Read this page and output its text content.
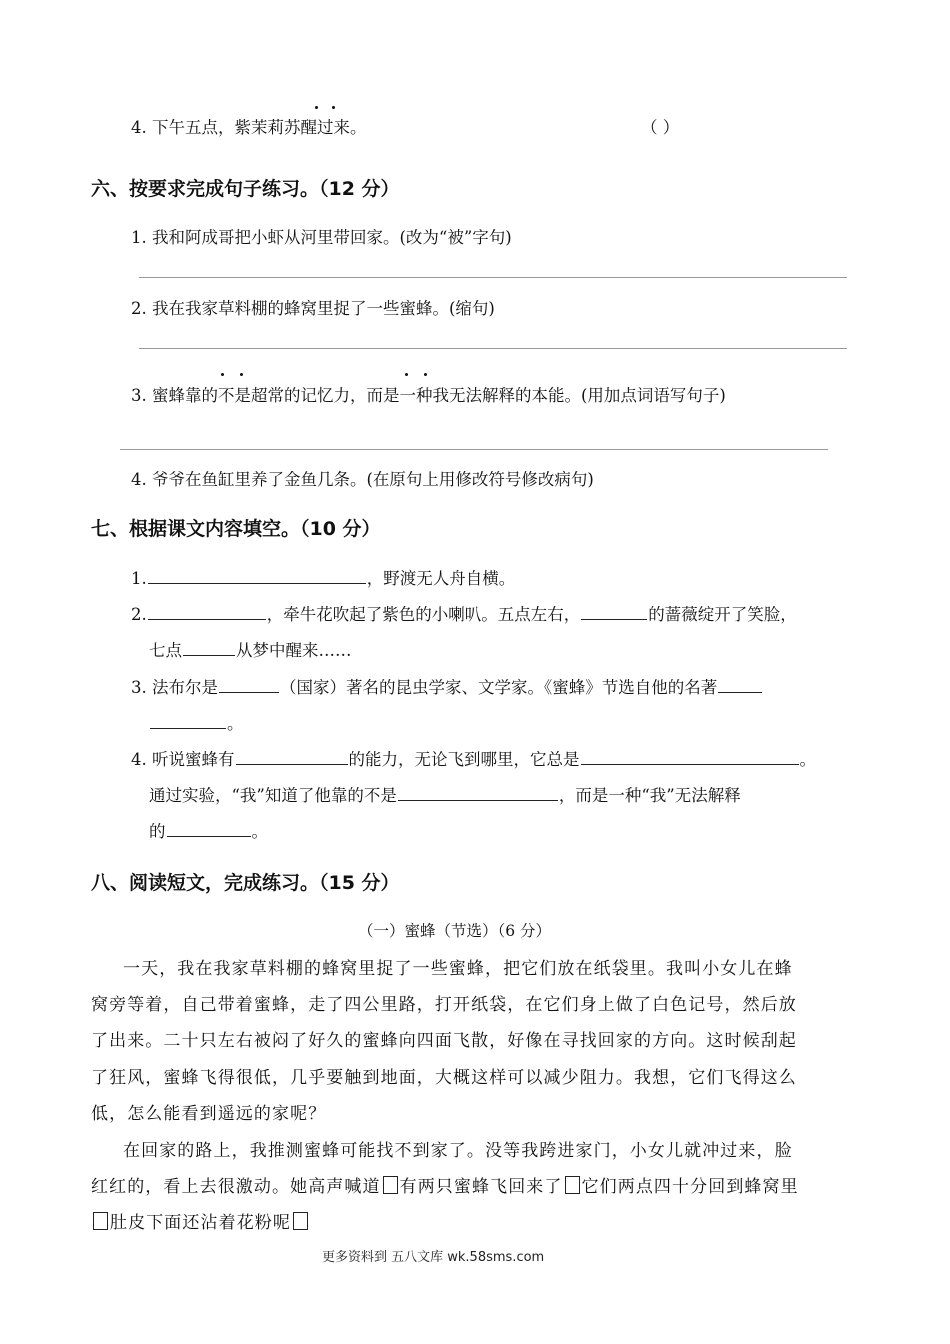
4. 下午五点，紫茉莉苏醒过来。	（ ）
六、按要求完成句子练习。（12 分）
1. 我和阿成哥把小虾从河里带回家。(改为“被”字句)
2. 我在我家草料棚的蜂窝里捉了一些蜜蜂。(缩句)
3. 蜜蜂靠的不是超常的记忆力，而是一种我无法解释的本能。(用加点词语写句子)
4. 爷爷在鱼缸里养了金鱼几条。(在原句上用修改符号修改病句)
七、根据课文内容填空。（10 分）
1.	，野渡无人舟自横。
2.	，牵牛花吹起了紫色的小喇叭。五点左右，	的蔷薇绽开了笑脸，
七点	从梦中醒来……
3. 法布尔是	（国家）著名的昆虫学家、文学家。《蜜蜂》节选自他的名著
。
4. 听说蜜蜂有	的能力，无论飞到哪里，它总是	。
通过实验，“我”知道了他靠的不是	，而是一种“我”无法解释
的	。
八、阅读短文，完成练习。（15 分）
（一）蜜蜂（节选）（6 分）
一天，我在我家草料棚的蜂窝里捉了一些蜜蜂，把它们放在纸袋里。我叫小女儿在蜂
窝旁等着，自己带着蜜蜂，走了四公里路，打开纸袋，在它们身上做了白色记号，然后放
了出来。二十只左右被闷了好久的蜜蜂向四面飞散，好像在寻找回家的方向。这时候刮起
了狂风，蜜蜂飞得很低，几乎要触到地面，大概这样可以减少阻力。我想，它们飞得这么
低，怎么能看到遥远的家呢？
在回家的路上，我推测蜜蜂可能找不到家了。没等我跨进家门，小女儿就冲过来，脸
红红的，看上去很激动。她高声喊道 有两只蜜蜂飞回来了 它们两点四十分回到蜂窝里
肚皮下面还沾着花粉呢
更多资料到 五八文库 wk.58sms.com
